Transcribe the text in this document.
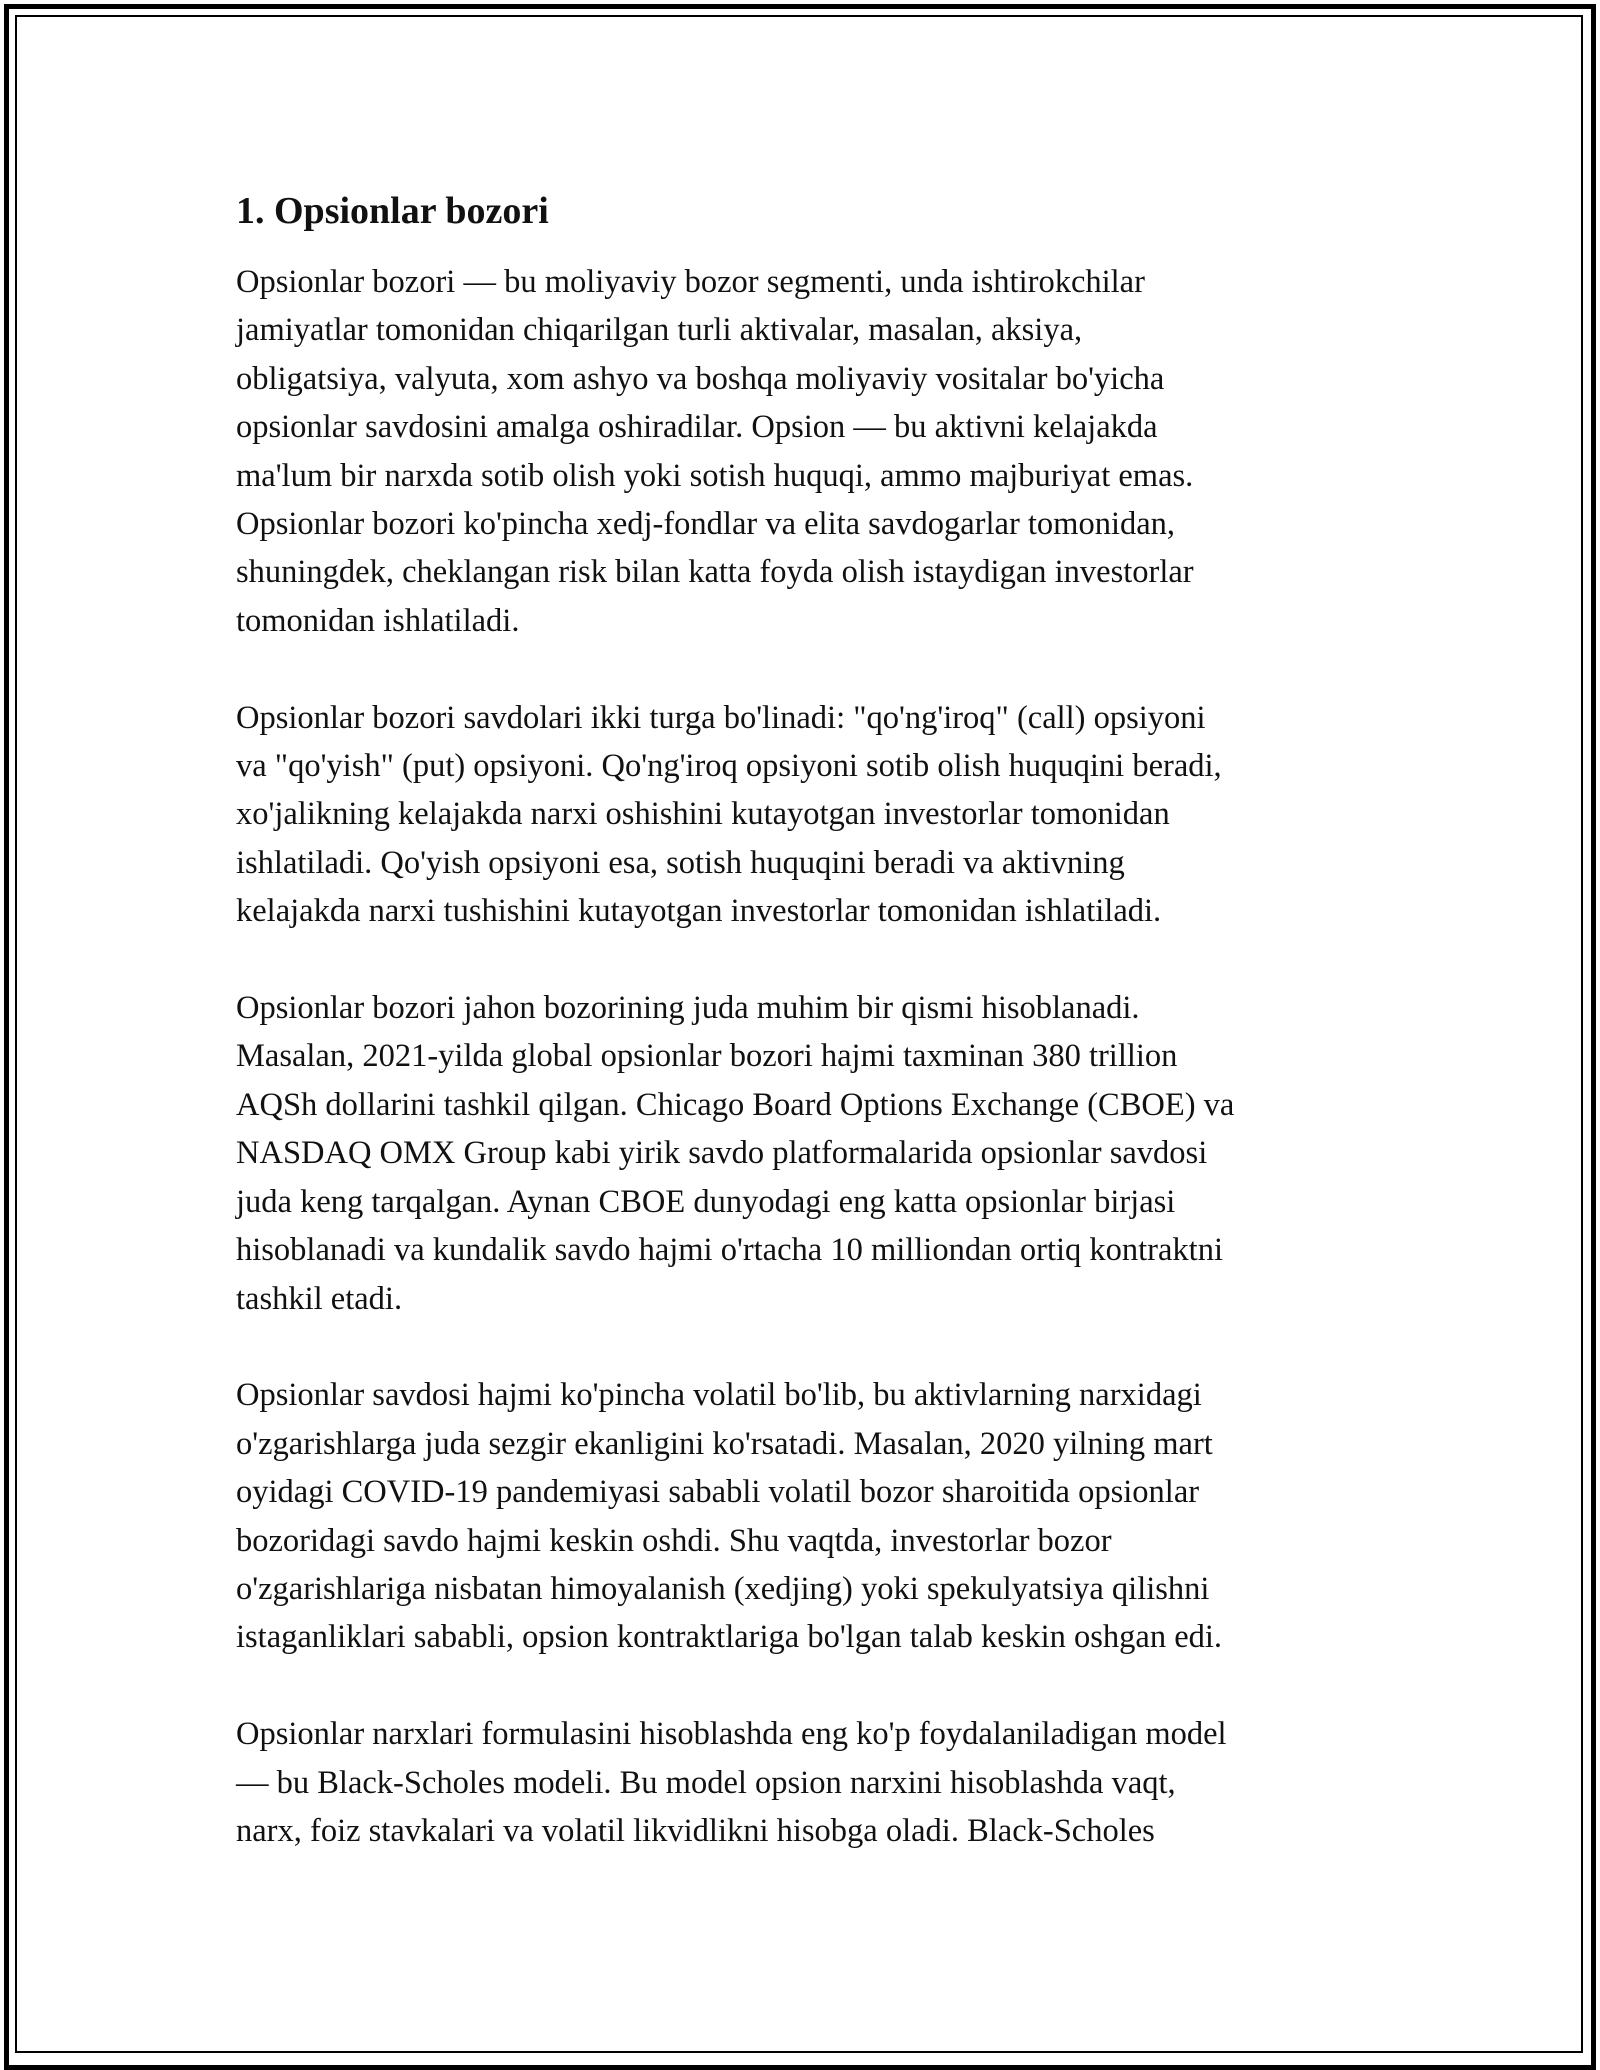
1. Opsionlar bozori

Opsionlar bozori — bu moliyaviy bozor segmenti, unda ishtirokchilar
jamiyatlar tomonidan chiqarilgan turli aktivalar, masalan, aksiya,
obligatsiya, valyuta, xom ashyo va boshqa moliyaviy vositalar bo'yicha
opsionlar savdosini amalga oshiradilar. Opsion — bu aktivni kelajakda
ma'lum bir narxda sotib olish yoki sotish huquqi, ammo majburiyat emas.
Opsionlar bozori ko'pincha xedj-fondlar va elita savdogarlar tomonidan,
shuningdek, cheklangan risk bilan katta foyda olish istaydigan investorlar
tomonidan ishlatiladi.

Opsionlar bozori savdolari ikki turga bo'linadi: "qo'ng'iroq" (call) opsiyoni
va "qo'yish" (put) opsiyoni. Qo'ng'iroq opsiyoni sotib olish huquqini beradi,
xo'jalikning kelajakda narxi oshishini kutayotgan investorlar tomonidan
ishlatiladi. Qo'yish opsiyoni esa, sotish huquqini beradi va aktivning
kelajakda narxi tushishini kutayotgan investorlar tomonidan ishlatiladi.

Opsionlar bozori jahon bozorining juda muhim bir qismi hisoblanadi.
Masalan, 2021-yilda global opsionlar bozori hajmi taxminan 380 trillion
AQSh dollarini tashkil qilgan. Chicago Board Options Exchange (CBOE) va
NASDAQ OMX Group kabi yirik savdo platformalarida opsionlar savdosi
juda keng tarqalgan. Aynan CBOE dunyodagi eng katta opsionlar birjasi
hisoblanadi va kundalik savdo hajmi o'rtacha 10 milliondan ortiq kontraktni
tashkil etadi.

Opsionlar savdosi hajmi ko'pincha volatil bo'lib, bu aktivlarning narxidagi
o'zgarishlarga juda sezgir ekanligini ko'rsatadi. Masalan, 2020 yilning mart
oyidagi COVID-19 pandemiyasi sababli volatil bozor sharoitida opsionlar
bozoridagi savdo hajmi keskin oshdi. Shu vaqtda, investorlar bozor
o'zgarishlariga nisbatan himoyalanish (xedjing) yoki spekulyatsiya qilishni
istaganliklari sababli, opsion kontraktlariga bo'lgan talab keskin oshgan edi.

Opsionlar narxlari formulasini hisoblashda eng ko'p foydalaniladigan model
— bu Black-Scholes modeli. Bu model opsion narxini hisoblashda vaqt,
narx, foiz stavkalari va volatil likvidlikni hisobga oladi. Black-Scholes
